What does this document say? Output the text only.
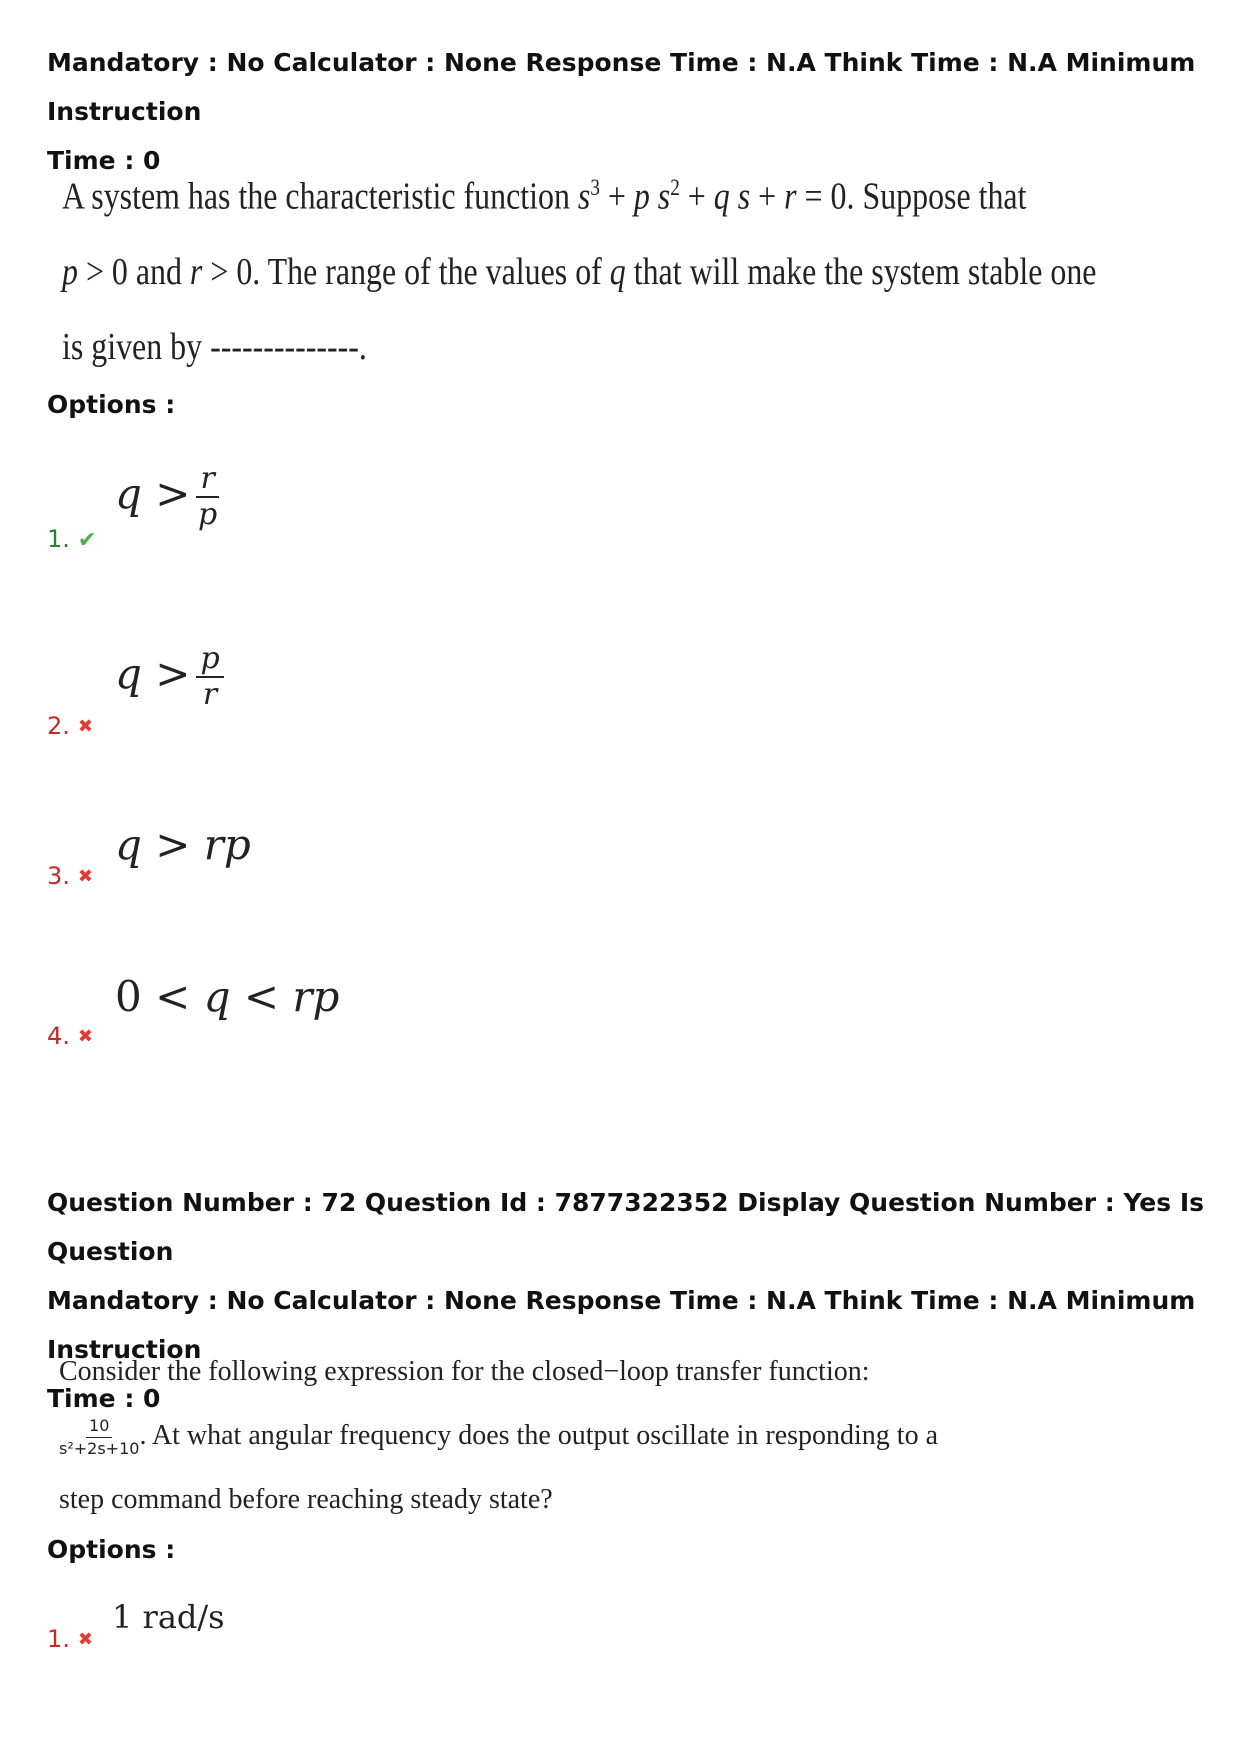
Mandatory : No Calculator : None Response Time : N.A Think Time : N.A Minimum Instruction
Time : 0
A system has the characteristic function $s^3 + p$ $s^2 + q$ s + r = 0. Suppose that
p > 0 and r > 0. The range of the values of q that will make the system stable one
is given by --------------.
Options :
$q > \frac{r}{p}$
1. ✔
$q > \frac{p}{r}$
2. ✖
q > rp
3. ✖
0 < q < rp
4. ✖
Question Number : 72 Question Id : 7877322352 Display Question Number : Yes Is Question
Mandatory : No Calculator : None Response Time : N.A Think Time : N.A Minimum Instruction
Time : 0
Consider the following expression for the closed−loop transfer function:
$\frac{10}{\text{s²+2s+10}}$ . At what angular frequency does the output oscillate in responding to a
step command before reaching steady state?
Options :
1 rad/s
1. ✖
